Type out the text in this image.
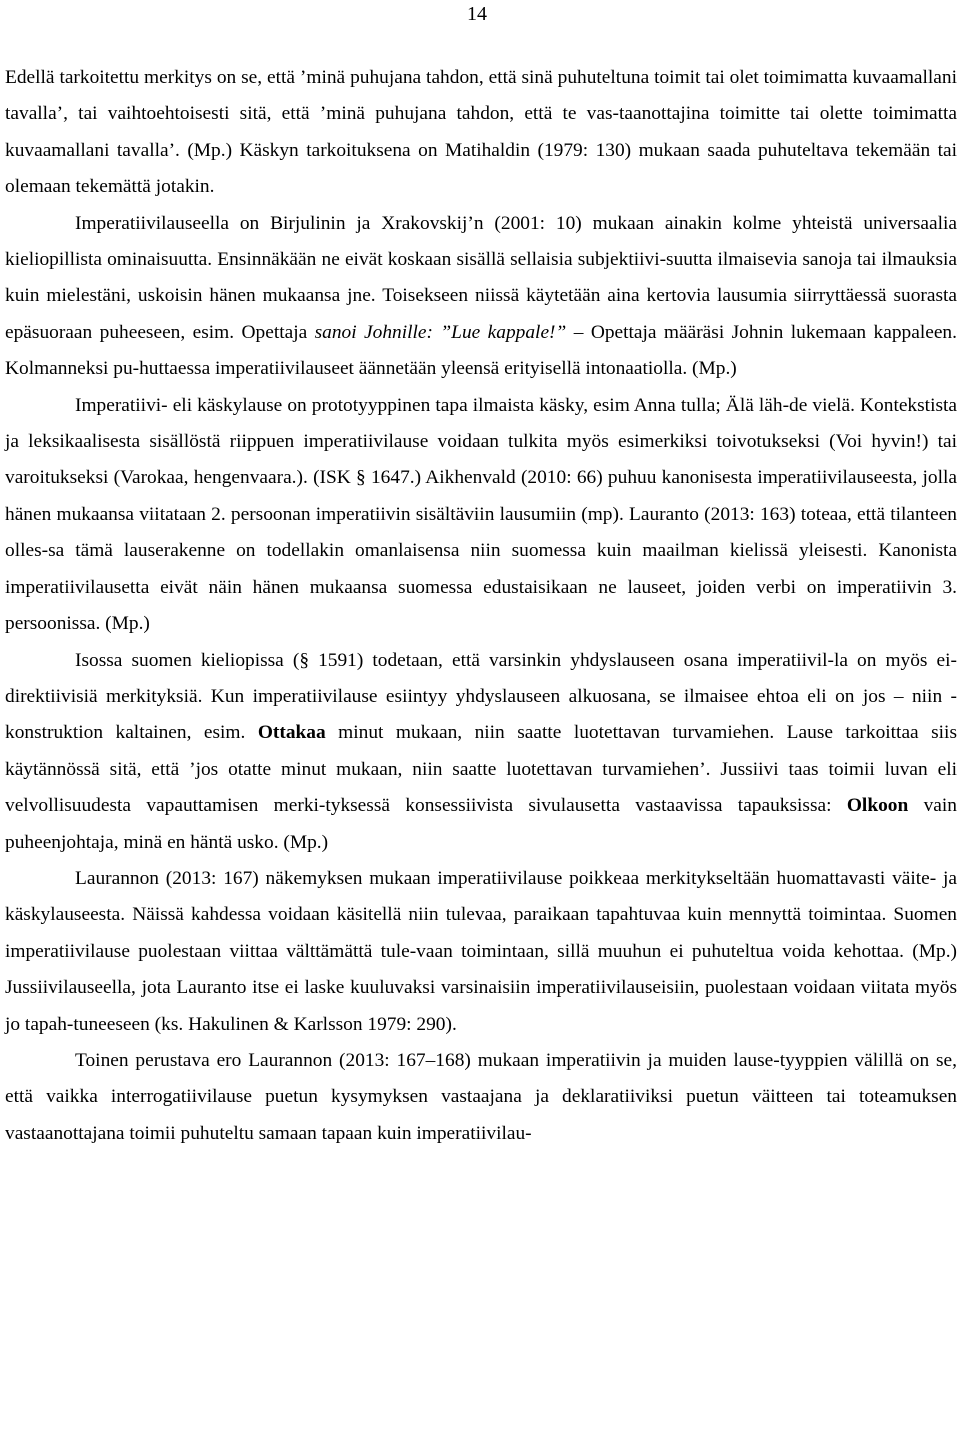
14

Edellä tarkoitettu merkitys on se, että ’minä puhujana tahdon, että sinä puhuteltuna toimit tai olet toimimatta kuvaamallani tavalla’, tai vaihtoehtoisesti sitä, että ’minä puhujana tahdon, että te vas-taanottajina toimitte tai olette toimimatta kuvaamallani tavalla’. (Mp.) Käskyn tarkoituksena on Matihaldin (1979: 130) mukaan saada puhuteltava tekemään tai olemaan tekemättä jotakin.

Imperatiivilauseella on Birjulinin ja Xrakovskij’n (2001: 10) mukaan ainakin kolme yhteistä universaalia kieliopillista ominaisuutta. Ensinnäkään ne eivät koskaan sisällä sellaisia subjektiivi-suutta ilmaisevia sanoja tai ilmauksia kuin mielestäni, uskoisin hänen mukaansa jne. Toisekseen niissä käytetään aina kertovia lausumia siirryttäessä suorasta epäsuoraan puheeseen, esim. Opettaja sanoi Johnille: ”Lue kappale!” – Opettaja määräsi Johnin lukemaan kappaleen. Kolmanneksi pu-huttaessa imperatiivilauseet äännetään yleensä erityisellä intonaatiolla. (Mp.)

Imperatiivi- eli käskylause on prototyyppinen tapa ilmaista käsky, esim Anna tulla; Älä läh-de vielä. Kontekstista ja leksikaalisesta sisällöstä riippuen imperatiivilause voidaan tulkita myös esimerkiksi toivotukseksi (Voi hyvin!) tai varoitukseksi (Varokaa, hengenvaara.). (ISK § 1647.) Aikhenvald (2010: 66) puhuu kanonisesta imperatiivilauseesta, jolla hänen mukaansa viitataan 2. persoonan imperatiivin sisältäviin lausumiin (mp). Lauranto (2013: 163) toteaa, että tilanteen olles-sa tämä lauserakenne on todellakin omanlaisensa niin suomessa kuin maailman kielissä yleisesti. Kanonista imperatiivilausetta eivät näin hänen mukaansa suomessa edustaisikaan ne lauseet, joiden verbi on imperatiivin 3. persoonissa. (Mp.)

Isossa suomen kieliopissa (§ 1591) todetaan, että varsinkin yhdyslauseen osana imperatiivil-la on myös ei-direktiivisiä merkityksiä. Kun imperatiivilause esiintyy yhdyslauseen alkuosana, se ilmaisee ehtoa eli on jos – niin -konstruktion kaltainen, esim. Ottakaa minut mukaan, niin saatte luotettavan turvamiehen. Lause tarkoittaa siis käytännössä sitä, että ’jos otatte minut mukaan, niin saatte luotettavan turvamiehen’. Jussiivi taas toimii luvan eli velvollisuudesta vapauttamisen merki-tyksessä konsessiivista sivulausetta vastaavissa tapauksissa: Olkoon vain puheenjohtaja, minä en häntä usko. (Mp.)

Laurannon (2013: 167) näkemyksen mukaan imperatiivilause poikkeaa merkitykseltään huomattavasti väite- ja käskylauseesta. Näissä kahdessa voidaan käsitellä niin tulevaa, paraikaan tapahtuvaa kuin mennyttä toimintaa. Suomen imperatiivilause puolestaan viittaa välttämättä tule-vaan toimintaan, sillä muuhun ei puhuteltua voida kehottaa. (Mp.) Jussiivilauseella, jota Lauranto itse ei laske kuuluvaksi varsinaisiin imperatiivilauseisiin, puolestaan voidaan viitata myös jo tapah-tuneeseen (ks. Hakulinen & Karlsson 1979: 290).

Toinen perustava ero Laurannon (2013: 167–168) mukaan imperatiivin ja muiden lause-tyyppien välillä on se, että vaikka interrogatiivilause puetun kysymyksen vastaajana ja deklaratiiviksi puetun väitteen tai toteamuksen vastaanottajana toimii puhuteltu samaan tapaan kuin imperatiivilau-
